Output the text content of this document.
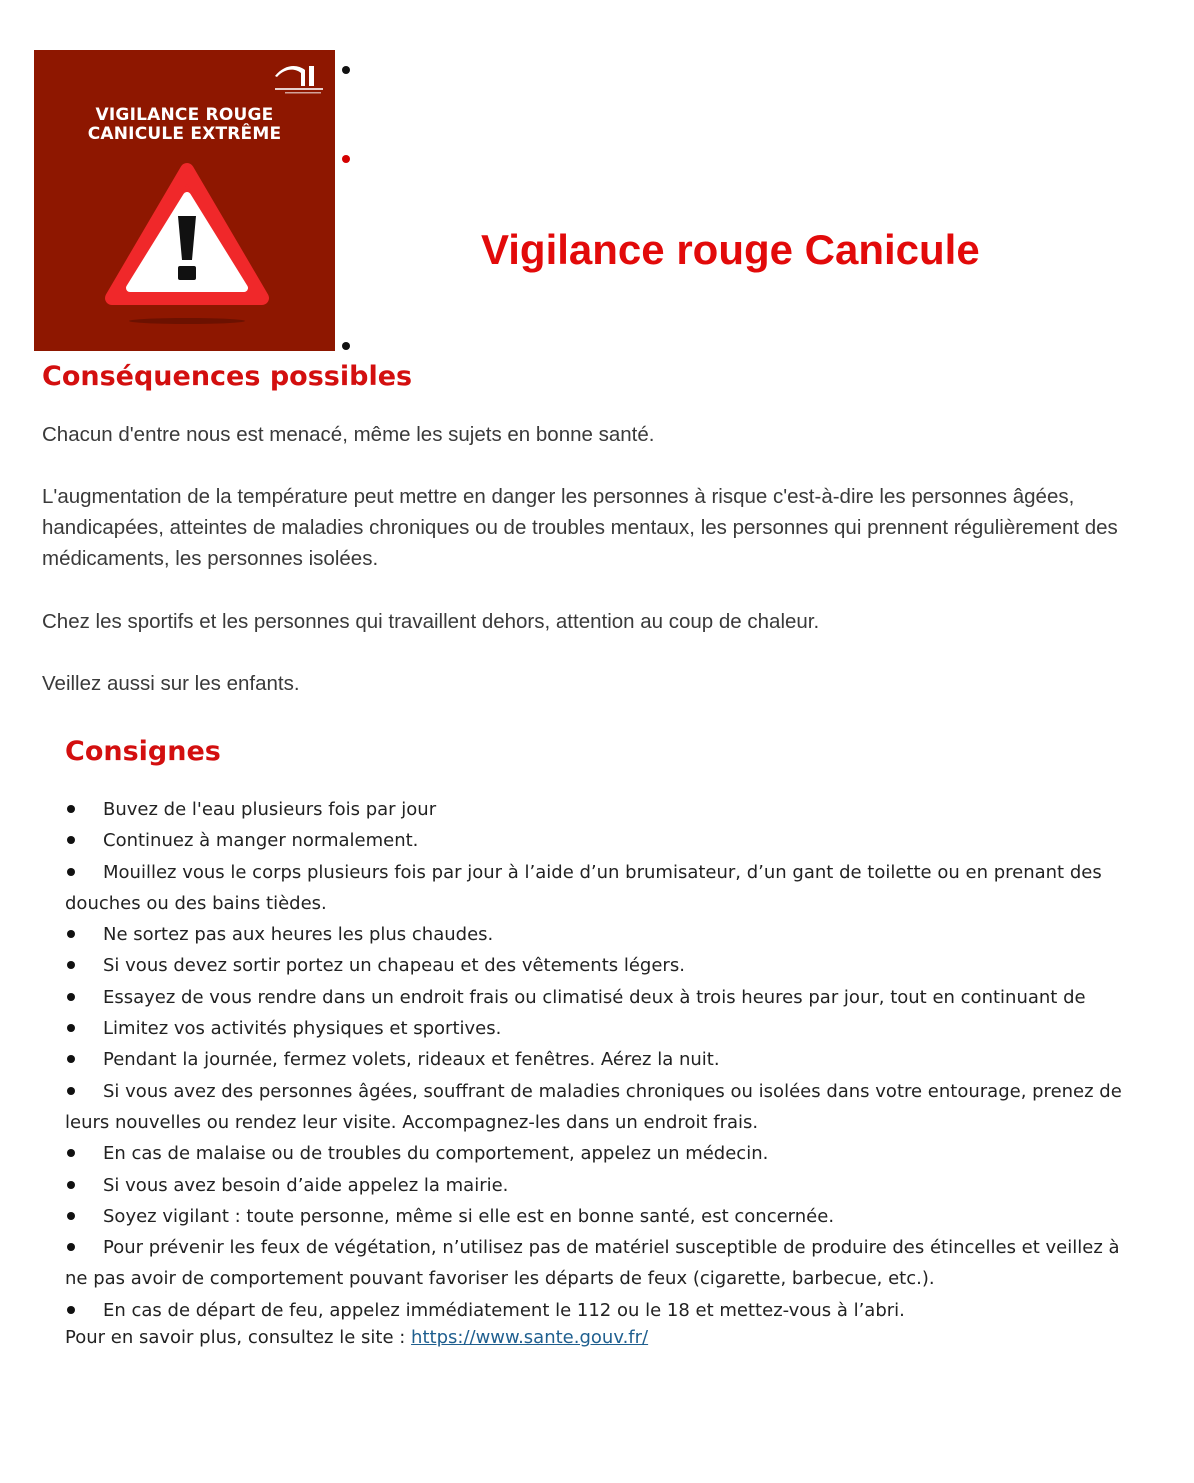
VIGILANCE ROUGE
CANICULE EXTRÊME
Vigilance rouge Canicule
Conséquences possibles

Chacun d'entre nous est menacé, même les sujets en bonne santé.

L'augmentation de la température peut mettre en danger les personnes à risque c'est-à-dire les personnes âgées, handicapées, atteintes de maladies chroniques ou de troubles mentaux, les personnes qui prennent régulièrement des médicaments, les personnes isolées.

Chez les sportifs et les personnes qui travaillent dehors, attention au coup de chaleur.

Veillez aussi sur les enfants.

Consignes
Buvez de l'eau plusieurs fois par jour
Continuez à manger normalement.
Mouillez vous le corps plusieurs fois par jour à l’aide d’un brumisateur, d’un gant de toilette ou en prenant des douches ou des bains tièdes.
Ne sortez pas aux heures les plus chaudes.
Si vous devez sortir portez un chapeau et des vêtements légers.
Essayez de vous rendre dans un endroit frais ou climatisé deux à trois heures par jour, tout en continuant de
Limitez vos activités physiques et sportives.
Pendant la journée, fermez volets, rideaux et fenêtres. Aérez la nuit.
Si vous avez des personnes âgées, souffrant de maladies chroniques ou isolées dans votre entourage, prenez de leurs nouvelles ou rendez leur visite. Accompagnez-les dans un endroit frais.
En cas de malaise ou de troubles du comportement, appelez un médecin.
Si vous avez besoin d’aide appelez la mairie.
Soyez vigilant : toute personne, même si elle est en bonne santé, est concernée.
Pour prévenir les feux de végétation, n’utilisez pas de matériel susceptible de produire des étincelles et veillez à ne pas avoir de comportement pouvant favoriser les départs de feux (cigarette, barbecue, etc.).
En cas de départ de feu, appelez immédiatement le 112 ou le 18 et mettez-vous à l’abri.

Pour en savoir plus, consultez le site : https://www.sante.gouv.fr/
